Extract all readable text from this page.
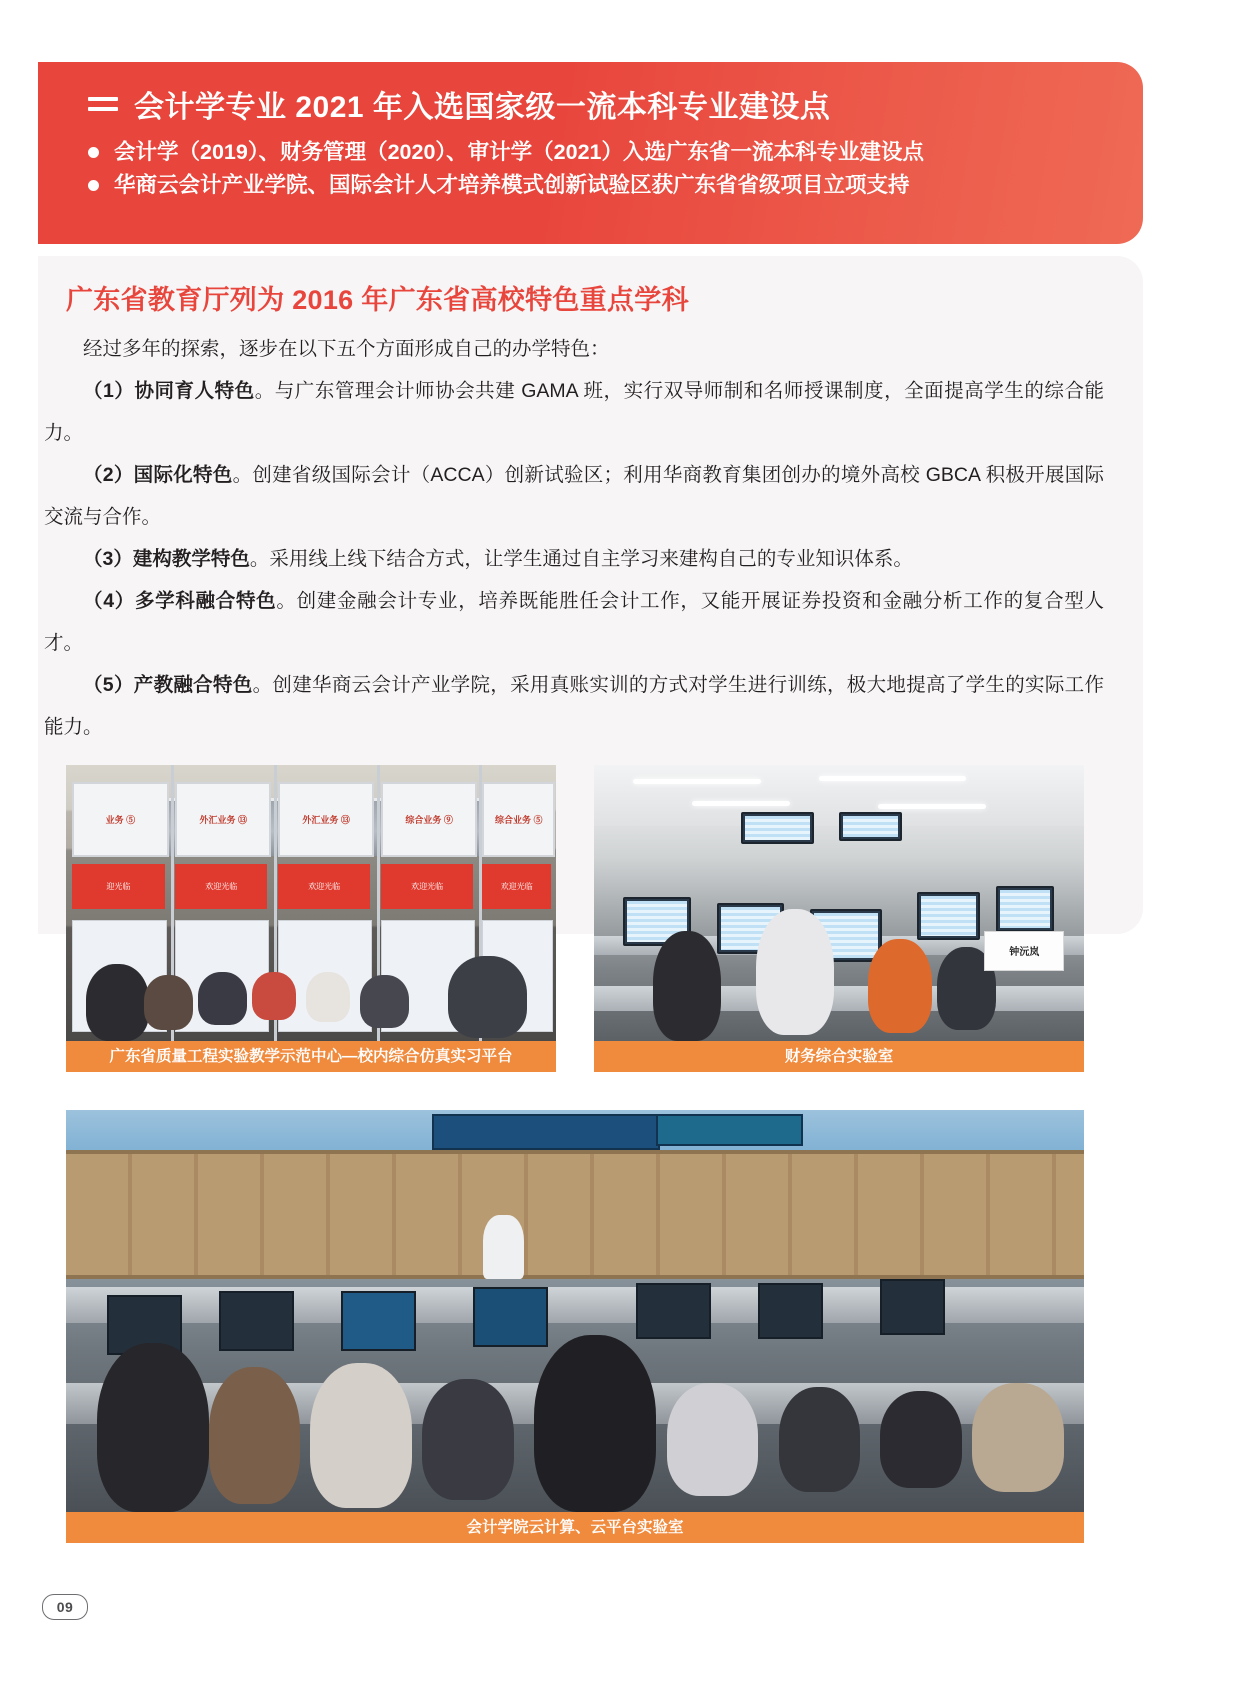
会计学专业 2021 年入选国家级一流本科专业建设点
会计学（2019）、财务管理（2020）、审计学（2021）入选广东省一流本科专业建设点
华商云会计产业学院、国际会计人才培养模式创新试验区获广东省省级项目立项支持
广东省教育厅列为 2016 年广东省高校特色重点学科

经过多年的探索，逐步在以下五个方面形成自己的办学特色：

（1）协同育人特色。与广东管理会计师协会共建 GAMA 班，实行双导师制和名师授课制度，全面提高学生的综合能力。

（2）国际化特色。创建省级国际会计（ACCA）创新试验区；利用华商教育集团创办的境外高校 GBCA 积极开展国际交流与合作。

（3）建构教学特色。采用线上线下结合方式，让学生通过自主学习来建构自己的专业知识体系。

（4）多学科融合特色。创建金融会计专业，培养既能胜任会计工作，又能开展证券投资和金融分析工作的复合型人才。

（5）产教融合特色。创建华商云会计产业学院，采用真账实训的方式对学生进行训练，极大地提高了学生的实际工作能力。

业务 ⑤
迎光临
外汇业务 ⑬
欢迎光临
外汇业务 ⑬
欢迎光临
综合业务 ⑨
欢迎光临
综合业务 ⑤
欢迎光临
广东省质量工程实验教学示范中心—校内综合仿真实习平台
钟沅岚
财务综合实验室
会计学院云计算、云平台实验室
09
